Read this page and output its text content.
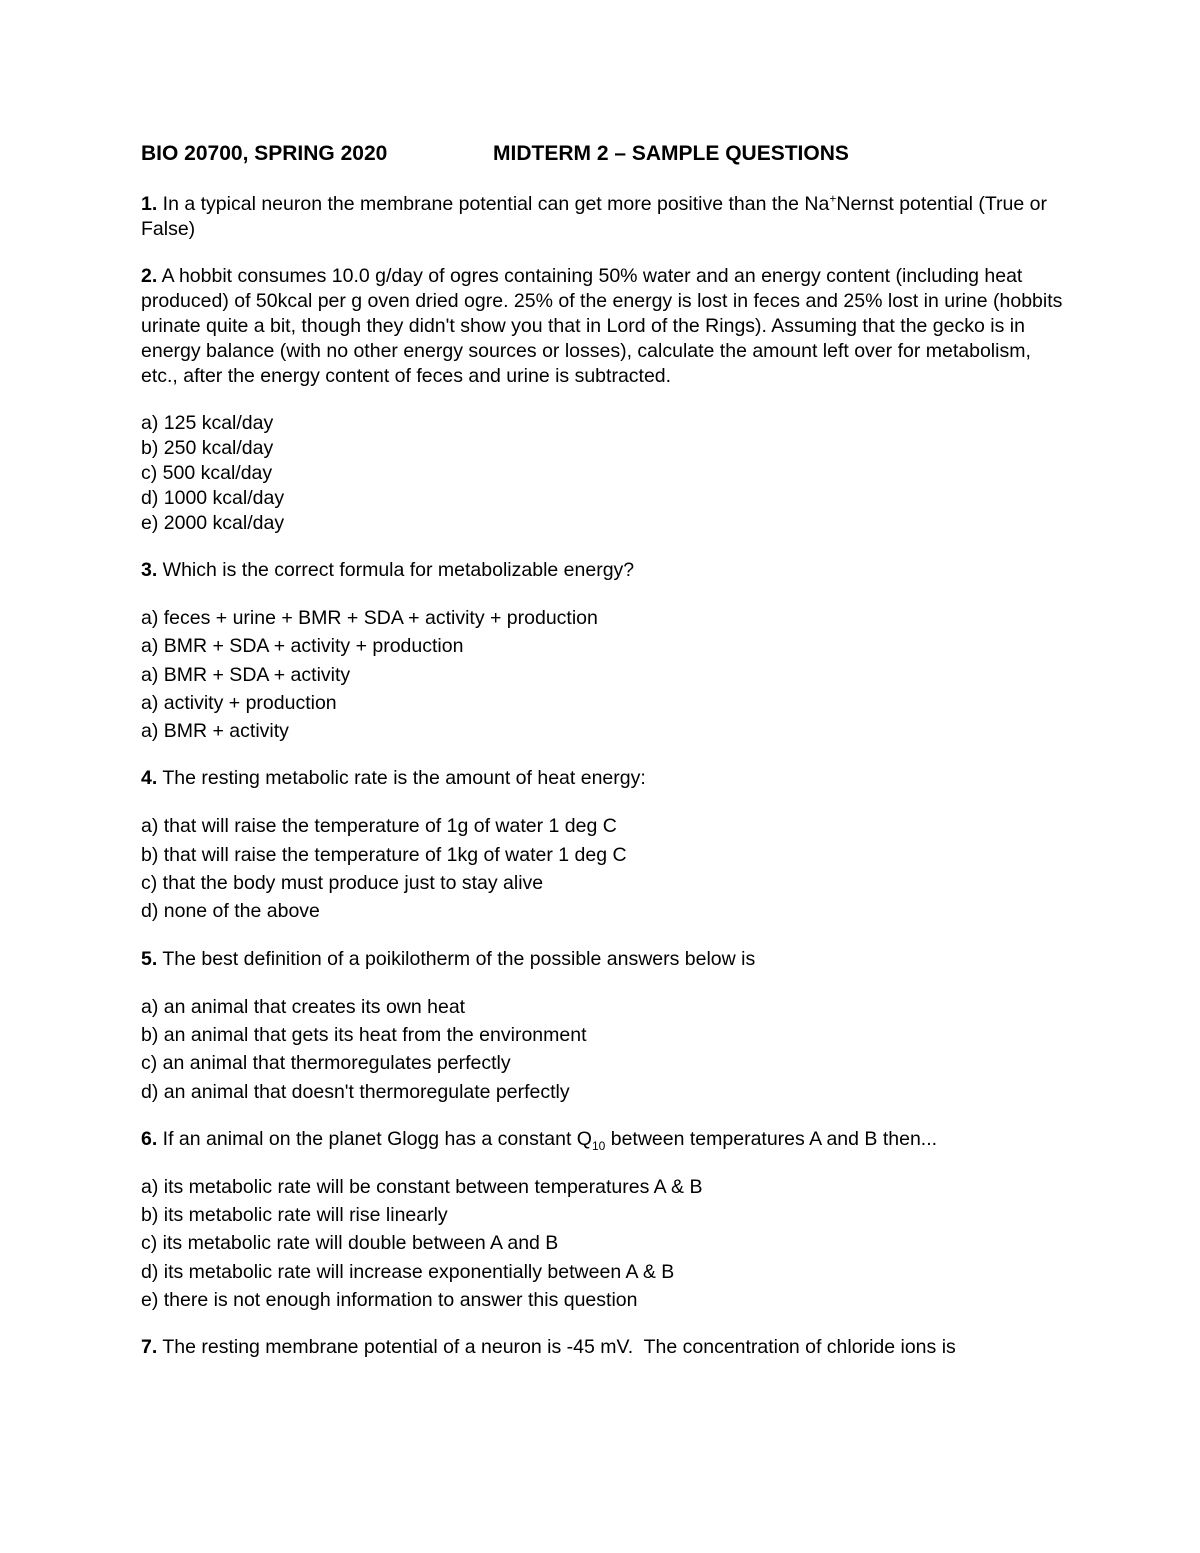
BIO 20700, SPRING 2020	MIDTERM 2 – SAMPLE QUESTIONS

1. In a typical neuron the membrane potential can get more positive than the Na+Nernst potential (True or False)

2. A hobbit consumes 10.0 g/day of ogres containing 50% water and an energy content (including heat produced) of 50kcal per g oven dried ogre. 25% of the energy is lost in feces and 25% lost in urine (hobbits urinate quite a bit, though they didn't show you that in Lord of the Rings). Assuming that the gecko is in energy balance (with no other energy sources or losses), calculate the amount left over for metabolism, etc., after the energy content of feces and urine is subtracted.

a) 125 kcal/day
b) 250 kcal/day
c) 500 kcal/day
d) 1000 kcal/day
e) 2000 kcal/day

3. Which is the correct formula for metabolizable energy?

a) feces + urine + BMR + SDA + activity + production
a) BMR + SDA + activity + production
a) BMR + SDA + activity
a) activity + production
a) BMR + activity

4. The resting metabolic rate is the amount of heat energy:

a) that will raise the temperature of 1g of water 1 deg C
b) that will raise the temperature of 1kg of water 1 deg C
c) that the body must produce just to stay alive
d) none of the above

5. The best definition of a poikilotherm of the possible answers below is

a) an animal that creates its own heat
b) an animal that gets its heat from the environment
c) an animal that thermoregulates perfectly
d) an animal that doesn't thermoregulate perfectly

6. If an animal on the planet Glogg has a constant $Q_{10}$ between temperatures A and B then...

a) its metabolic rate will be constant between temperatures A & B
b) its metabolic rate will rise linearly
c) its metabolic rate will double between A and B
d) its metabolic rate will increase exponentially between A & B
e) there is not enough information to answer this question

7. The resting membrane potential of a neuron is -45 mV.  The concentration of chloride ions is
